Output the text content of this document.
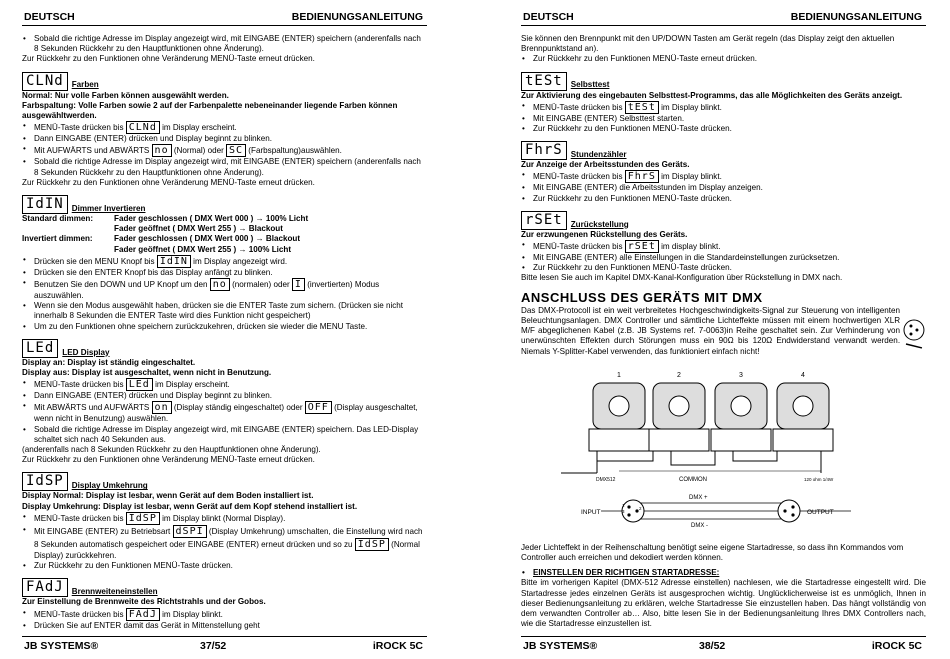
DEUTSCH	BEDIENUNGSANLEITUNG
• Sobald die richtige Adresse im Display angezeigt wird, mit EINGABE (ENTER) speichern (anderenfalls nach 8 Sekunden Rückkehr zu den Hauptfunktionen ohne Änderung).

Zur Rückkehr zu den Funktionen ohne Veränderung MENÜ-Taste erneut drücken.

CLNd Farben

Normal: Nur volle Farben können ausgewählt werden.

Farbspaltung: Volle Farben sowie 2 auf der Farbenpalette nebeneinander liegende Farben können ausgewähltwerden.

• MENÜ-Taste drücken bis CLNd im Display erscheint.
• Dann EINGABE (ENTER) drücken und Display beginnt zu blinken.
• Mit AUFWÄRTS und ABWÄRTS no (Normal) oder SC (Farbspaltung)auswählen.
• Sobald die richtige Adresse im Display angezeigt wird, mit EINGABE (ENTER) speichern (anderenfalls nach 8 Sekunden Rückkehr zu den Hauptfunktionen ohne Änderung).

Zur Rückkehr zu den Funktionen ohne Veränderung MENÜ-Taste erneut drücken.

IdIN Dimmer Invertieren
Standard dimmen:	Fader geschlossen ( DMX Wert 000 ) → 100% Licht
Fader geöffnet ( DMX Wert 255 ) → Blackout
Invertiert dimmen:	Fader geschlossen ( DMX Wert 000 ) → Blackout
Fader geöffnet ( DMX Wert 255 ) → 100% Licht
• Drücken sie den MENU Knopf bis IdIN im Display angezeigt wird.
• Drücken sie den ENTER Knopf bis das Display anfängt zu blinken.
• Benutzen Sie den DOWN und UP Knopf um den no (normalen) oder I (invertierten) Modus auszuwählen.
• Wenn sie den Modus ausgewählt haben, drücken sie die ENTER Taste zum sichern. (Drücken sie nicht innerhalb 8 Sekunden die ENTER Taste wird dies Funktion nicht gespeichert)
• Um zu den Funktionen ohne speichern zurückzukehren, drücken sie wieder die MENU Taste.
LEd LED Display

Display an: Display ist ständig eingeschaltet.

Display aus: Display ist ausgeschaltet, wenn nicht in Benutzung.

• MENÜ-Taste drücken bis LEd im Display erscheint.
• Dann EINGABE (ENTER) drücken und Display beginnt zu blinken.
• Mit ABWÄRTS und AUFWÄRTS on (Display ständig eingeschaltet) oder OFF (Display ausgeschaltet, wenn nicht in Benutzung) auswählen.
• Sobald die richtige Adresse im Display angezeigt wird, mit EINGABE (ENTER) speichern. Das LED-Display schaltet sich nach 40 Sekunden aus.

(anderenfalls nach 8 Sekunden Rückkehr zu den Hauptfunktionen ohne Änderung).

Zur Rückkehr zu den Funktionen ohne Veränderung MENÜ-Taste erneut drücken.

IdSP Display Umkehrung

Display Normal: Display ist lesbar, wenn Gerät auf dem Boden installiert ist.

Display Umkehrung: Display ist lesbar, wenn Gerät auf dem Kopf stehend installiert ist.

• MENÜ-Taste drücken bis IdSP im Display blinkt (Normal Display).
• Mit EINGABE (ENTER) zu Betriebsart dSPI (Display Umkehrung) umschalten, die Einstellung wird nach 8 Sekunden automatisch gespeichert oder EINGABE (ENTER) erneut drücken und so zu IdSP (Normal Display) zurückkehren.
• Zur Rückkehr zu den Funktionen MENÜ-Taste drücken.
FAdJ Brennweiteneinstellen

Zur Einstellung de Brennweite des Richtstrahls und der Gobos.

• MENÜ-Taste drücken bis FAdJ im Display blinkt.
• Drücken Sie auf ENTER damit das Gerät in Mittenstellung geht
JB SYSTEMS®	37/52	iROCK 5C
DEUTSCH	BEDIENUNGSANLEITUNG

Sie können den Brennpunkt mit den UP/DOWN Tasten am Gerät regeln (das Display zeigt den aktuellen Brennpunktstand an).

• Zur Rückkehr zu den Funktionen MENÜ-Taste erneut drücken.
tESt Selbsttest

Zur Aktivierung des eingebauten Selbsttest-Programms, das alle Möglichkeiten des Geräts anzeigt.

• MENÜ-Taste drücken bis tESt im Display blinkt.
• Mit EINGABE (ENTER) Selbsttest starten.
• Zur Rückkehr zu den Funktionen MENÜ-Taste drücken.
FhrS Stundenzähler

Zur Anzeige der Arbeitsstunden des Geräts.

• MENÜ-Taste drücken bis FhrS im Display blinkt.
• Mit EINGABE (ENTER) die Arbeitsstunden im Display anzeigen.
• Zur Rückkehr zu den Funktionen MENÜ-Taste drücken.
rSEt Zurückstellung

Zur erzwungenen Rückstellung des Geräts.

• MENÜ-Taste drücken bis rSEt im display blinkt.
• Mit EINGABE (ENTER) alle Einstellungen in die Standardeinstellungen zurücksetzen.
• Zur Rückkehr zu den Funktionen MENÜ-Taste drücken.

Bitte lesen Sie auch im Kapitel DMX-Kanal-Konfiguration über Rückstellung in DMX nach.

ANSCHLUSS DES GERÄTS MIT DMX

Das DMX-Protocoll ist ein weit verbreitetes Hochgeschwindigkeits-Signal zur Steuerung von intelligenten Beleuchtungsanlagen. DMX Controller und sämtliche Lichteffekte müssen mit einem hochwertigen XLR M/F abgeglichenen Kabel (z.B. JB Systems ref. 7-0063)in Reihe geschaltet sein. Zur Verhinderung von unerwünschten Effekten durch Störungen muss ein 90Ω bis 120Ω Endwiderstand verwandt werden. Niemals Y-Splitter-Kabel verwenden, das funktioniert einfach nicht!

1	2	3	4
DMX512	COMMON	120 ohm 1/4W
INPUT	OUTPUT
DMX +
DMX -
1
3
2

Jeder Lichteffekt in der Reihenschaltung benötigt seine eigene Startadresse, so dass ihn Kommandos vom Controller auch erreichen und dekodiert werden können.

• EINSTELLEN DER RICHTIGEN STARTADRESSE:

Bitte im vorherigen Kapitel (DMX-512 Adresse einstellen) nachlesen, wie die Startadresse eingestellt wird. Die Startadresse jedes einzelnen Geräts ist ausgesprochen wichtig. Unglücklicherweise ist es unmöglich, Ihnen in dieser Bedienungsanleitung zu erklären, welche Startadresse Sie einzustellen haben. Das hängt vollständig von dem verwandten Controller ab… Also, bitte lesen Sie in der Bedienungsanleitung Ihres DMX Controllers nach, wie die Startadresse einzustellen ist.

JB SYSTEMS®	38/52	iROCK 5C
